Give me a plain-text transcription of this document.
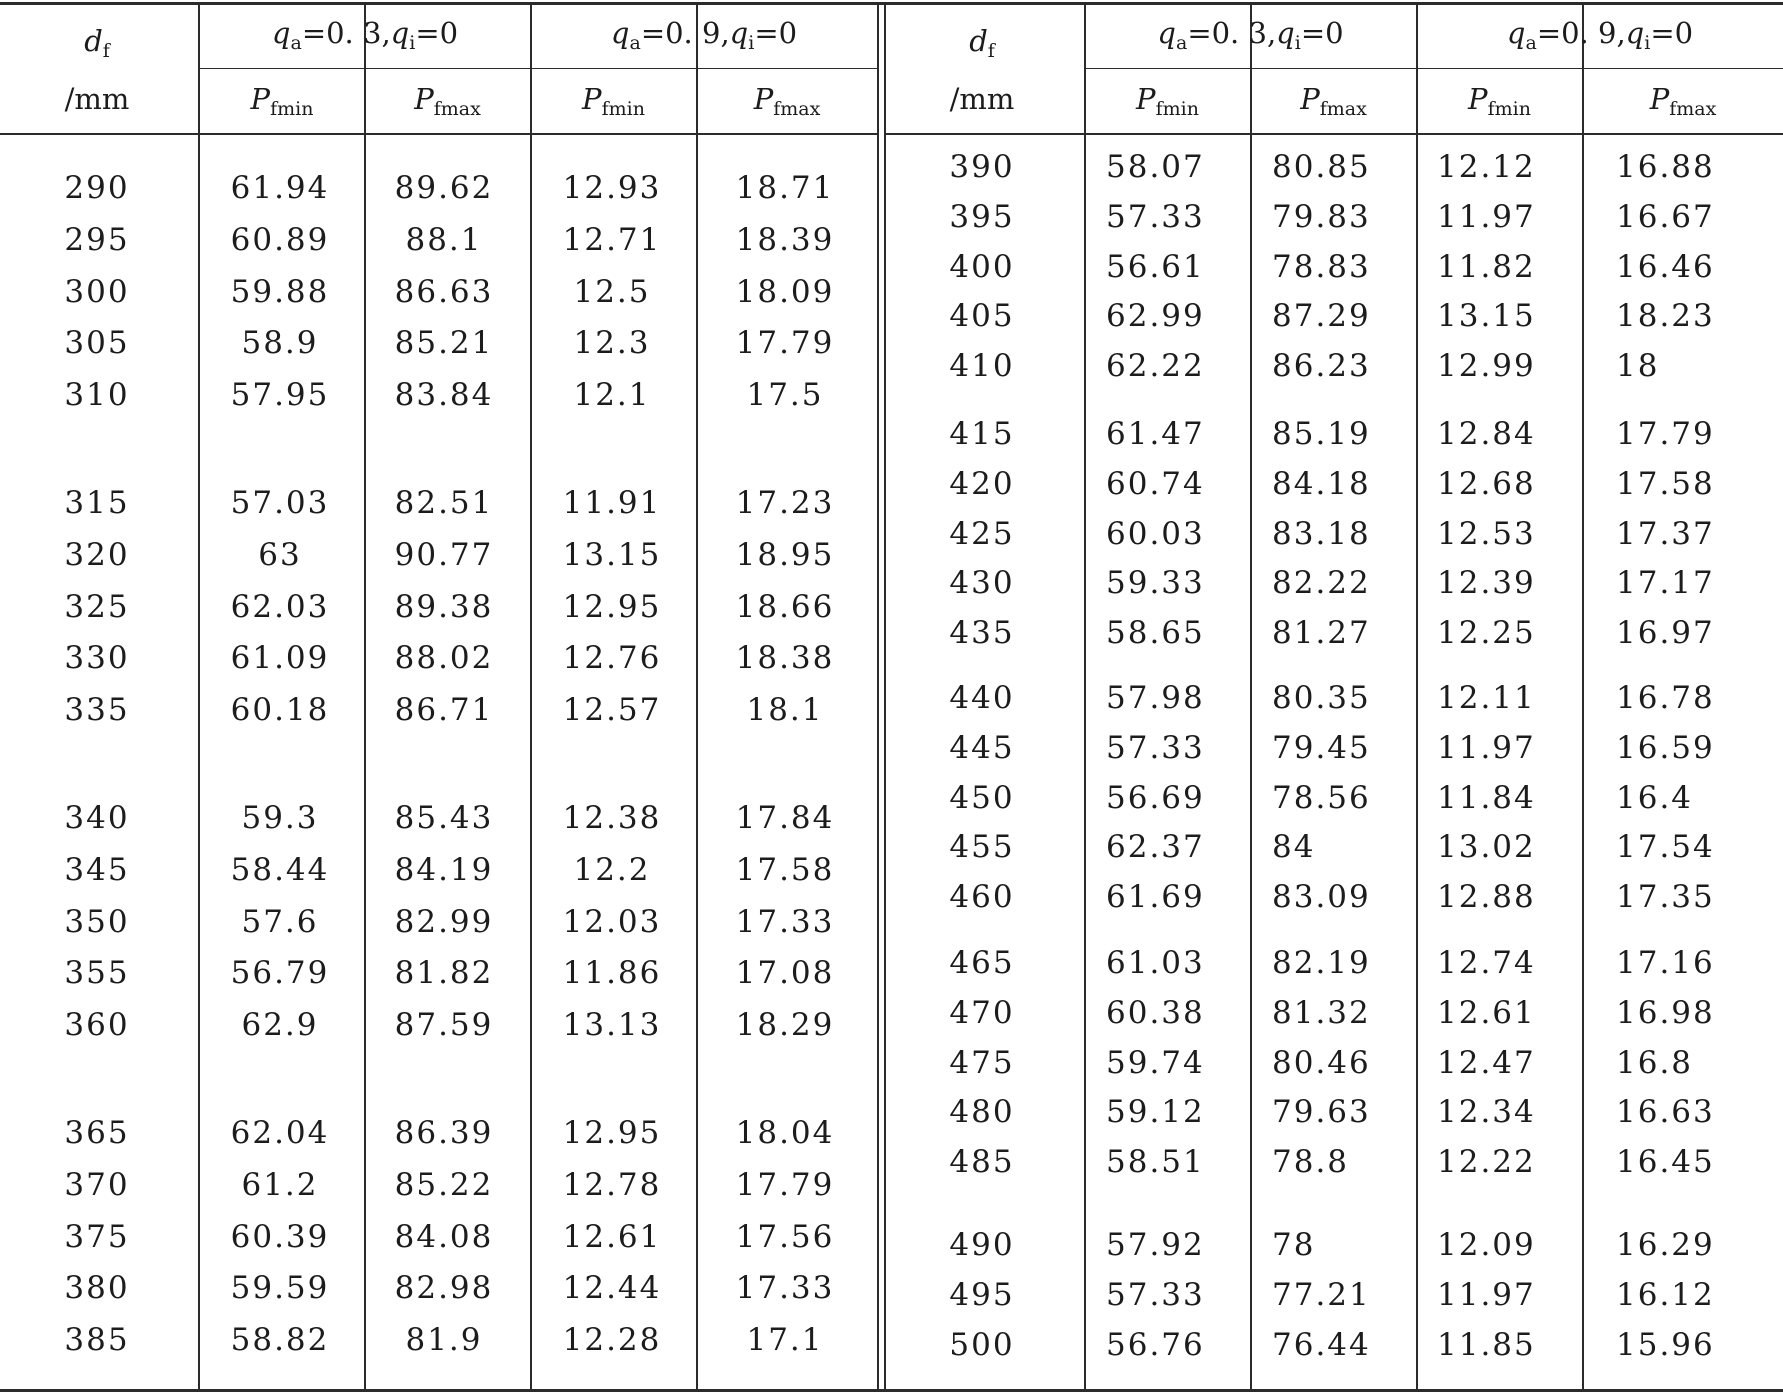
$d_f$
/mm
$d_f$
/mm
$q_a=0$. $3,q_i=0$	$q_a=0$. $9,q_i=0$	$q_a=0$. $3,q_i=0$	$q_a=0$. $9,q_i=0$
$P_{fmin}$	$P_{fmax}$	$P_{fmin}$	$P_{fmax}$	$P_{fmin}$	$P_{fmax}$	$P_{fmin}$	$P_{fmax}$
290	61.94	89.62	12.93	18.71
295	60.89	88.1	12.71	18.39
300	59.88	86.63	12.5	18.09
305	58.9	85.21	12.3	17.79
310	57.95	83.84	12.1	17.5
315	57.03	82.51	11.91	17.23
320	63	90.77	13.15	18.95
325	62.03	89.38	12.95	18.66
330	61.09	88.02	12.76	18.38
335	60.18	86.71	12.57	18.1
340	59.3	85.43	12.38	17.84
345	58.44	84.19	12.2	17.58
350	57.6	82.99	12.03	17.33
355	56.79	81.82	11.86	17.08
360	62.9	87.59	13.13	18.29
365	62.04	86.39	12.95	18.04
370	61.2	85.22	12.78	17.79
375	60.39	84.08	12.61	17.56
380	59.59	82.98	12.44	17.33
385	58.82	81.9	12.28	17.1
390	58.07 80.85 12.12	16.88
395	57.33 79.83 11.97	16.67
400	56.61 78.83 11.82	16.46
405	62.99 87.29 13.15	18.23
410	62.22 86.23 12.99	18
415	61.47 85.19 12.84	17.79
420	60.74 84.18 12.68	17.58
425	60.03 83.18 12.53	17.37
430	59.33 82.22 12.39	17.17
435	58.65 81.27 12.25	16.97
440	57.98 80.35 12.11	16.78
445	57.33 79.45 11.97	16.59
450	56.69 78.56 11.84	16.4
455	62.37 84	13.02	17.54
460	61.69 83.09 12.88	17.35
465	61.03 82.19 12.74	17.16
470	60.38 81.32 12.61	16.98
475	59.74 80.46 12.47	16.8
480	59.12 79.63 12.34	16.63
485	58.51 78.8	12.22	16.45
490	57.92 78	12.09	16.29
495	57.33 77.21 11.97	16.12
500	56.76 76.44 11.85	15.96
